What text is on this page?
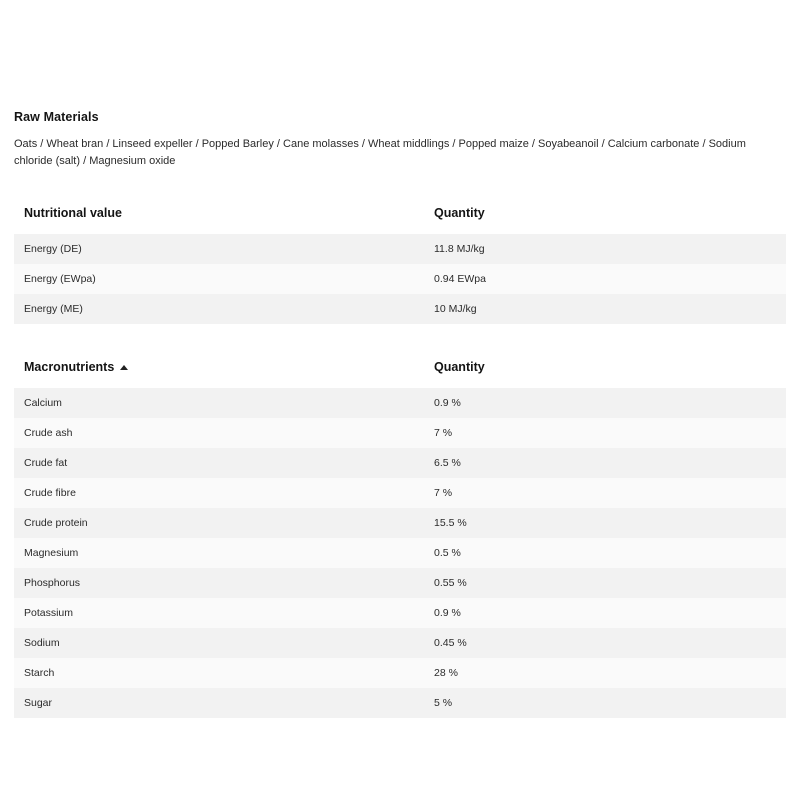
Raw Materials

Oats / Wheat bran / Linseed expeller / Popped Barley / Cane molasses / Wheat middlings / Popped maize / Soyabeanoil / Calcium carbonate / Sodium chloride (salt) / Magnesium oxide

Nutritional value	Quantity
Energy (DE)	11.8 MJ/kg
Energy (EWpa)	0.94 EWpa
Energy (ME)	10 MJ/kg
Macronutrients	Quantity
Calcium	0.9 %
Crude ash	7 %
Crude fat	6.5 %
Crude fibre	7 %
Crude protein	15.5 %
Magnesium	0.5 %
Phosphorus	0.55 %
Potassium	0.9 %
Sodium	0.45 %
Starch	28 %
Sugar	5 %
